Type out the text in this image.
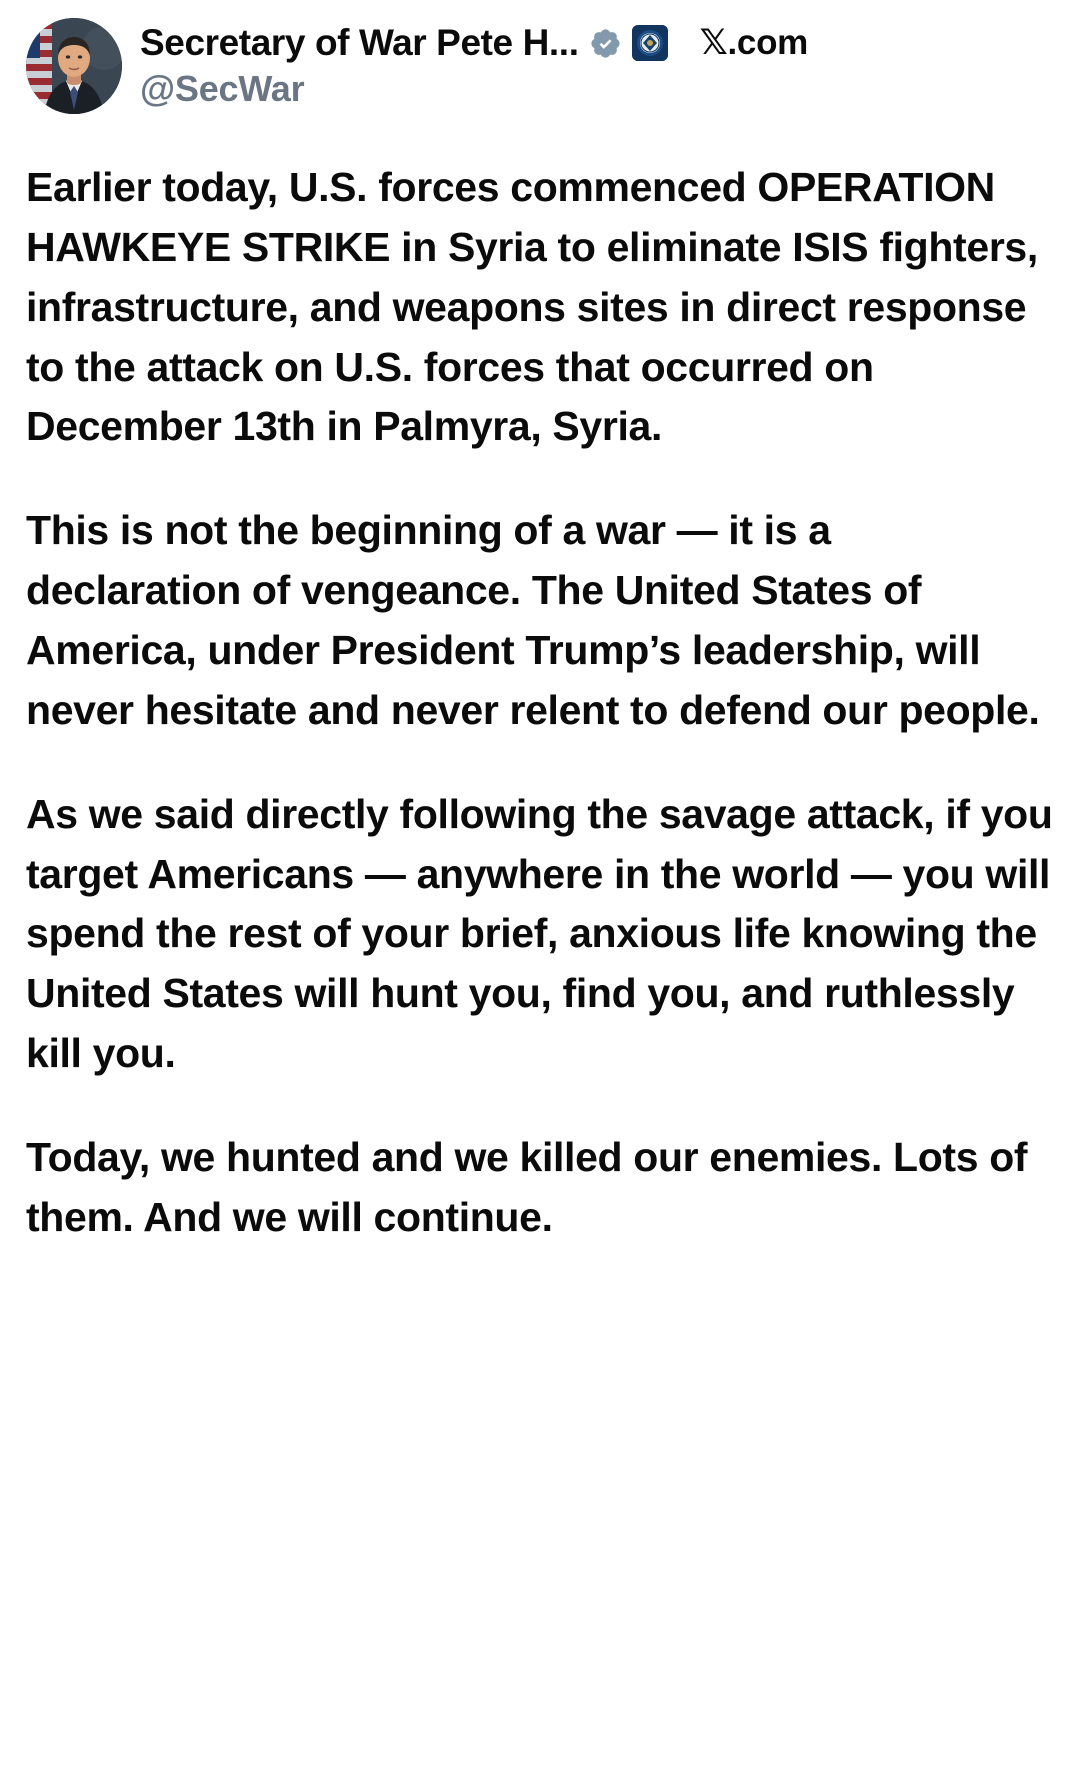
Secretary of War Pete H...	𝕏 .com
@SecWar

Earlier today, U.S. forces commenced OPERATION HAWKEYE STRIKE in Syria to eliminate ISIS fighters, infrastructure, and weapons sites in direct response to the attack on U.S. forces that occurred on December 13th in Palmyra, Syria.

This is not the beginning of a war — it is a declaration of vengeance. The United States of America, under President Trump’s leadership, will never hesitate and never relent to defend our people.

As we said directly following the savage attack, if you target Americans — anywhere in the world — you will spend the rest of your brief, anxious life knowing the United States will hunt you, find you, and ruthlessly kill you.

Today, we hunted and we killed our enemies. Lots of them. And we will continue.
